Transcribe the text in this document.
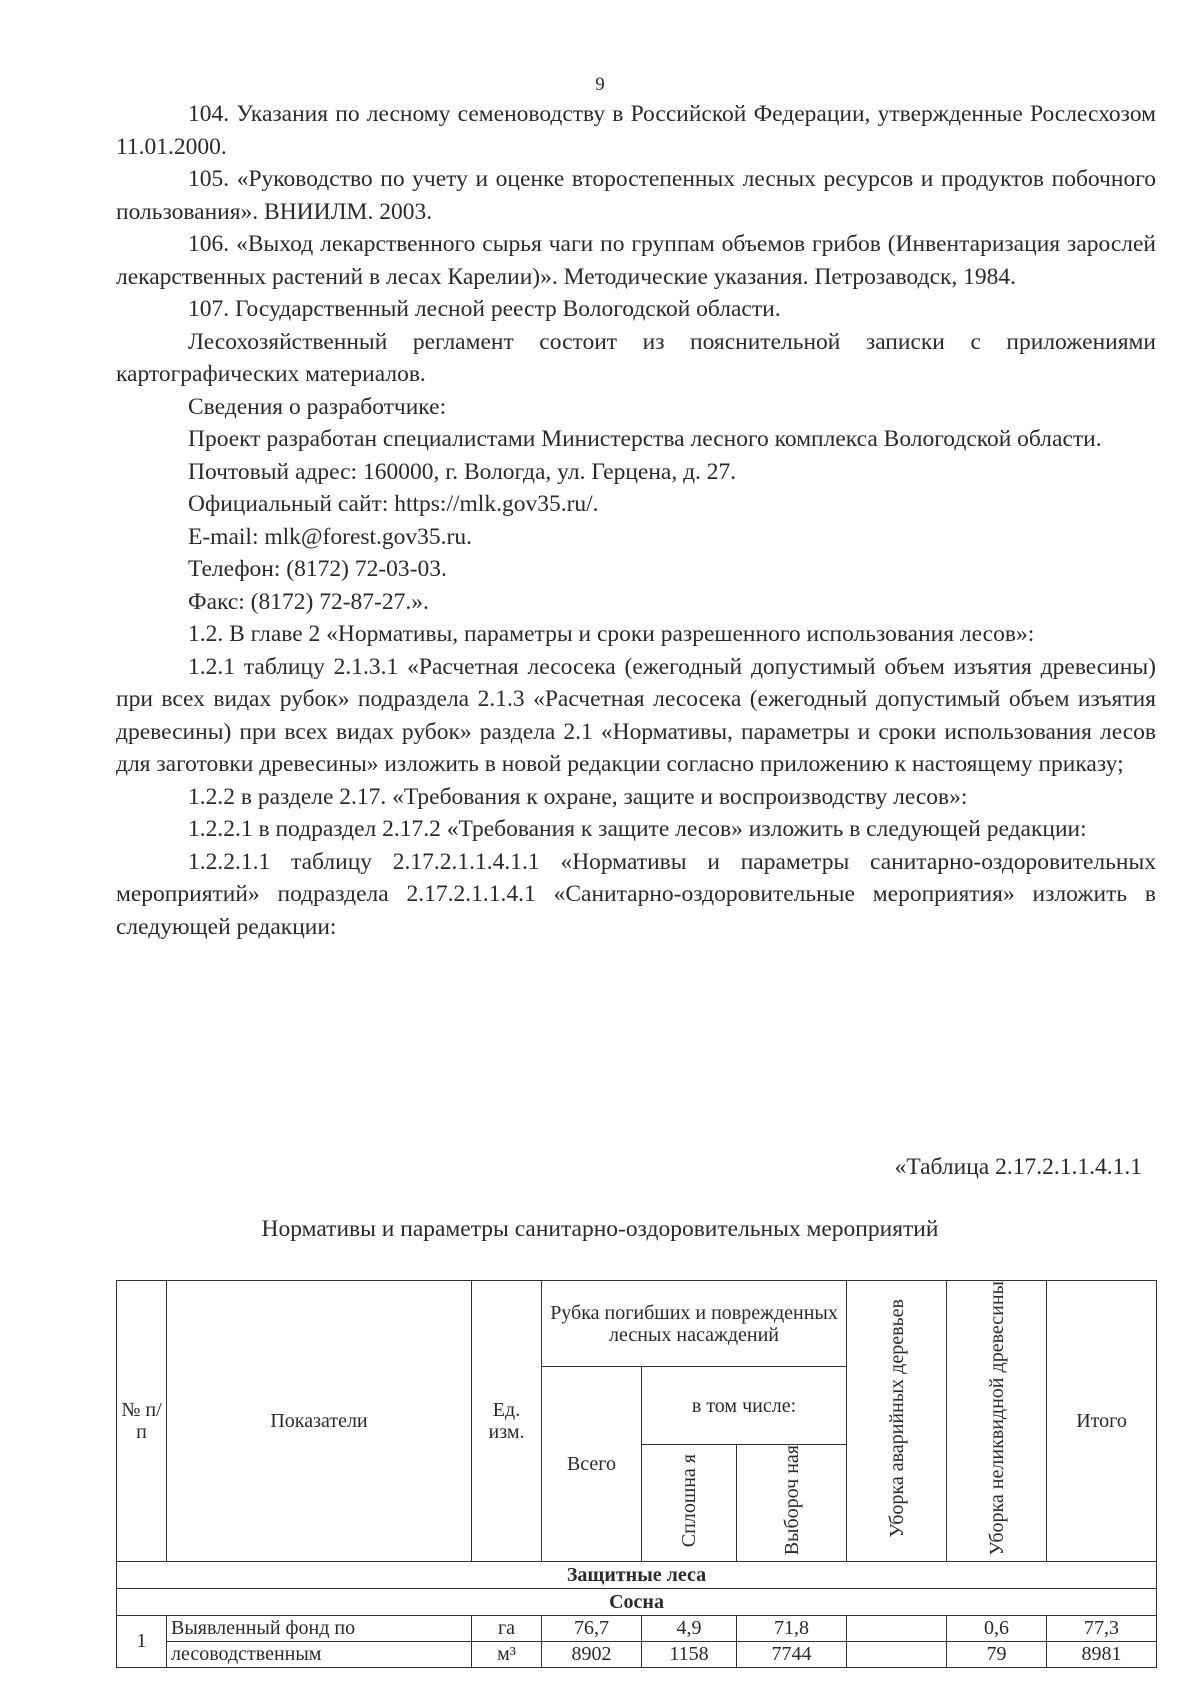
9

104. Указания по лесному семеноводству в Российской Федерации, утвержденные Рослесхозом 11.01.2000.

105. «Руководство по учету и оценке второстепенных лесных ресурсов и продуктов побочного пользования». ВНИИЛМ. 2003.

106. «Выход лекарственного сырья чаги по группам объемов грибов (Инвентаризация зарослей лекарственных растений в лесах Карелии)». Методические указания. Петрозаводск, 1984.

107. Государственный лесной реестр Вологодской области.

Лесохозяйственный регламент состоит из пояснительной записки с приложениями картографических материалов.

Сведения о разработчике:

Проект разработан специалистами Министерства лесного комплекса Вологодской области.

Почтовый адрес: 160000, г. Вологда, ул. Герцена, д. 27.

Официальный сайт: https://mlk.gov35.ru/.

E-mail: mlk@forest.gov35.ru.

Телефон: (8172) 72-03-03.

Факс: (8172) 72-87-27.».

1.2. В главе 2 «Нормативы, параметры и сроки разрешенного использования лесов»:

1.2.1 таблицу 2.1.3.1 «Расчетная лесосека (ежегодный допустимый объем изъятия древесины) при всех видах рубок» подраздела 2.1.3 «Расчетная лесосека (ежегодный допустимый объем изъятия древесины) при всех видах рубок» раздела 2.1 «Нормативы, параметры и сроки использования лесов для заготовки древесины» изложить в новой редакции согласно приложению к настоящему приказу;

1.2.2 в разделе 2.17. «Требования к охране, защите и воспроизводству лесов»:

1.2.2.1 в подраздел 2.17.2 «Требования к защите лесов» изложить в следующей редакции:

1.2.2.1.1 таблицу 2.17.2.1.1.4.1.1 «Нормативы и параметры санитарно-оздоровительных мероприятий» подраздела 2.17.2.1.1.4.1 «Санитарно-оздоровительные мероприятия» изложить в следующей редакции:

«Таблица 2.17.2.1.1.4.1.1
Нормативы и параметры санитарно-оздоровительных мероприятий
№ п/п	Показатели	Ед. изм.	Рубка погибших и поврежденных лесных насаждений			Уборка аварийных деревьев	Уборка неликвидной древесины	Итого
			Всего	в том числе:				
				Сплошна я	Выбороч ная			
Защитные леса								
Сосна								
1	Выявленный фонд по	га	76,7	4,9	71,8		0,6	77,3
	лесоводственным	м³	8902	1158	7744		79	8981
